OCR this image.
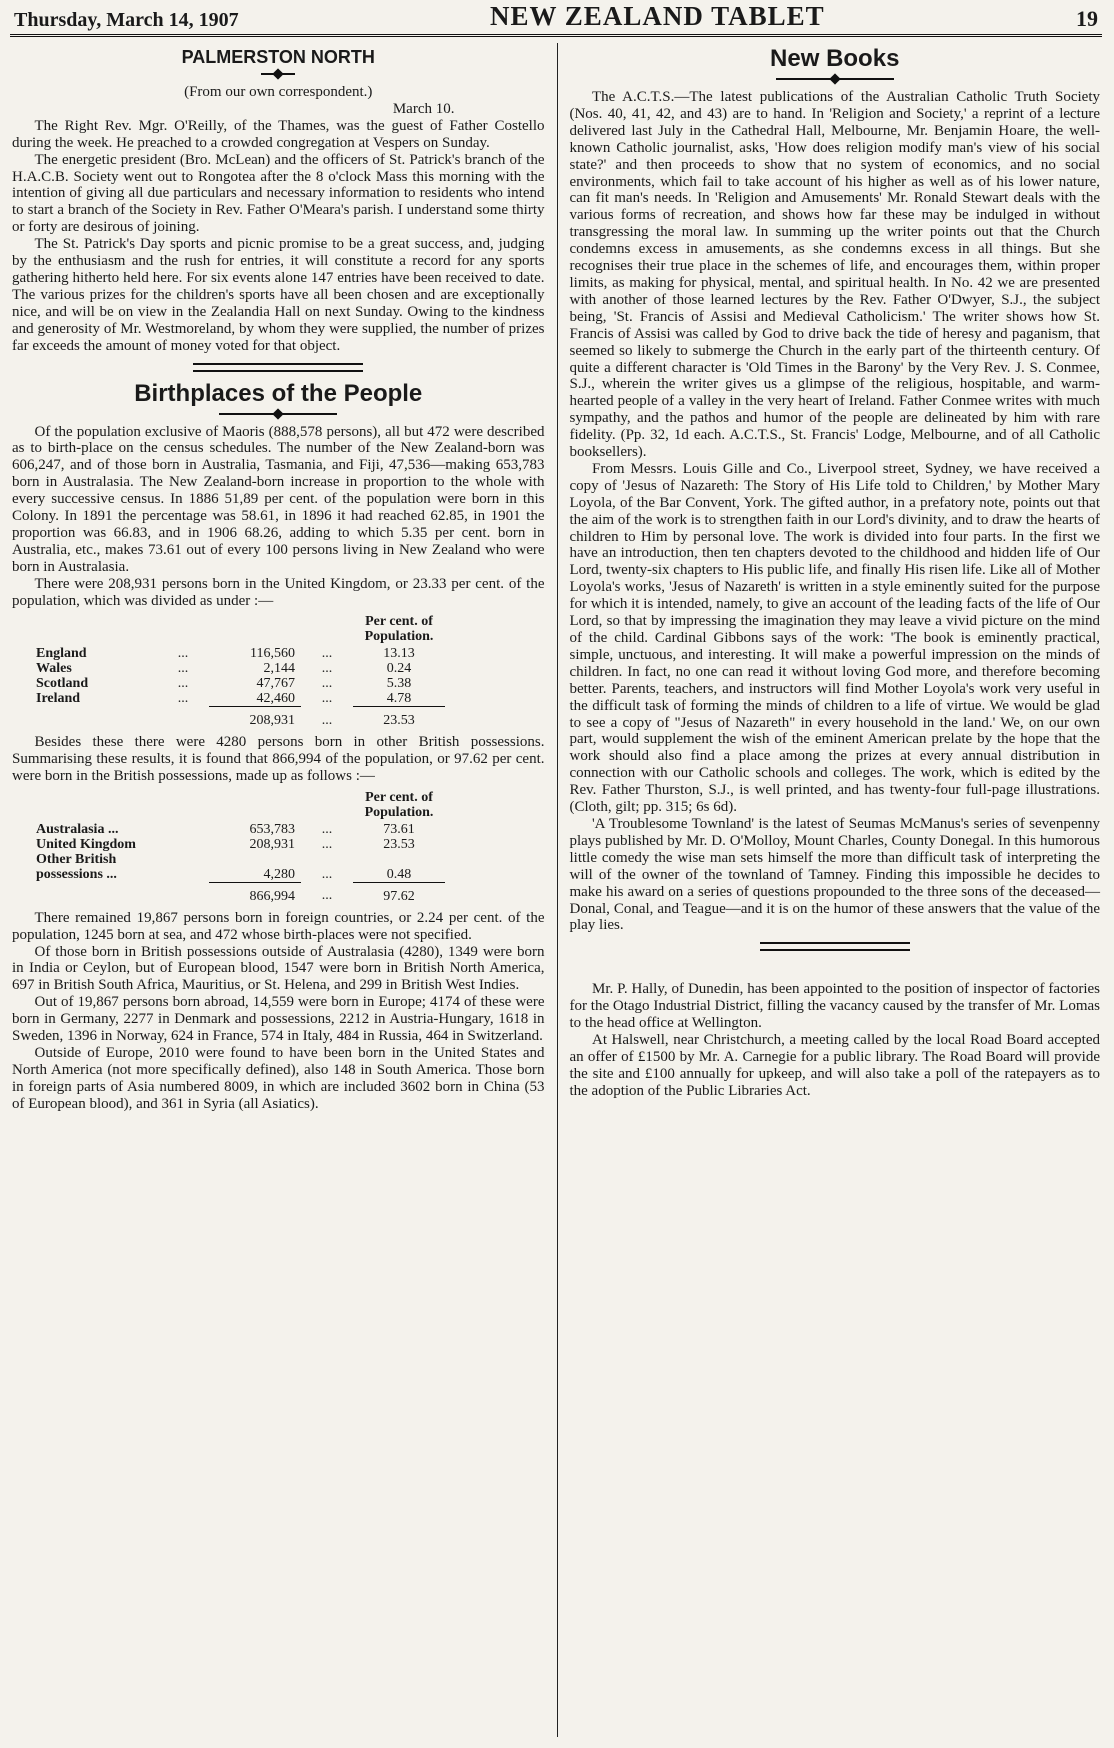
Thursday, March 14, 1907	NEW ZEALAND TABLET	19
PALMERSTON NORTH

(From our own correspondent.)

March 10.

The Right Rev. Mgr. O'Reilly, of the Thames, was the guest of Father Costello during the week. He preached to a crowded congregation at Vespers on Sunday.

The energetic president (Bro. McLean) and the officers of St. Patrick's branch of the H.A.C.B. Society went out to Rongotea after the 8 o'clock Mass this morning with the intention of giving all due particulars and necessary information to residents who intend to start a branch of the Society in Rev. Father O'Meara's parish. I understand some thirty or forty are desirous of joining.

The St. Patrick's Day sports and picnic promise to be a great success, and, judging by the enthusiasm and the rush for entries, it will constitute a record for any sports gathering hitherto held here. For six events alone 147 entries have been received to date. The various prizes for the children's sports have all been chosen and are exceptionally nice, and will be on view in the Zealandia Hall on next Sunday. Owing to the kindness and generosity of Mr. Westmoreland, by whom they were supplied, the number of prizes far exceeds the amount of money voted for that object.

Birthplaces of the People

Of the population exclusive of Maoris (888,578 persons), all but 472 were described as to birth-place on the census schedules. The number of the New Zealand-born was 606,247, and of those born in Australia, Tasmania, and Fiji, 47,536—making 653,783 born in Australasia. The New Zealand-born increase in proportion to the whole with every successive census. In 1886 51,89 per cent. of the population were born in this Colony. In 1891 the percentage was 58.61, in 1896 it had reached 62.85, in 1901 the proportion was 66.83, and in 1906 68.26, adding to which 5.35 per cent. born in Australia, etc., makes 73.61 out of every 100 persons living in New Zealand who were born in Australasia.

There were 208,931 persons born in the United Kingdom, or 23.33 per cent. of the population, which was divided as under :—

				Per cent. of Population.
England	...	116,560	...	13.13
Wales	...	2,144	...	0.24
Scotland	...	47,767	...	5.38
Ireland	...	42,460	...	4.78
		208,931	...	23.53

Besides these there were 4280 persons born in other British possessions. Summarising these results, it is found that 866,994 of the population, or 97.62 per cent. were born in the British possessions, made up as follows :—

				Per cent. of Population.
Australasia ...		653,783	...	73.61
United Kingdom		208,931	...	23.53
Other British possessions ...		4,280	...	0.48
		866,994	...	97.62

There remained 19,867 persons born in foreign countries, or 2.24 per cent. of the population, 1245 born at sea, and 472 whose birth-places were not specified.

Of those born in British possessions outside of Australasia (4280), 1349 were born in India or Ceylon, but of European blood, 1547 were born in British North America, 697 in British South Africa, Mauritius, or St. Helena, and 299 in British West Indies.

Out of 19,867 persons born abroad, 14,559 were born in Europe; 4174 of these were born in Germany, 2277 in Denmark and possessions, 2212 in Austria-Hungary, 1618 in Sweden, 1396 in Norway, 624 in France, 574 in Italy, 484 in Russia, 464 in Switzerland.

Outside of Europe, 2010 were found to have been born in the United States and North America (not more specifically defined), also 148 in South America. Those born in foreign parts of Asia numbered 8009, in which are included 3602 born in China (53 of European blood), and 361 in Syria (all Asiatics).

New Books

The A.C.T.S.—The latest publications of the Australian Catholic Truth Society (Nos. 40, 41, 42, and 43) are to hand. In 'Religion and Society,' a reprint of a lecture delivered last July in the Cathedral Hall, Melbourne, Mr. Benjamin Hoare, the well-known Catholic journalist, asks, 'How does religion modify man's view of his social state?' and then proceeds to show that no system of economics, and no social environments, which fail to take account of his higher as well as of his lower nature, can fit man's needs. In 'Religion and Amusements' Mr. Ronald Stewart deals with the various forms of recreation, and shows how far these may be indulged in without transgressing the moral law. In summing up the writer points out that the Church condemns excess in amusements, as she condemns excess in all things. But she recognises their true place in the schemes of life, and encourages them, within proper limits, as making for physical, mental, and spiritual health. In No. 42 we are presented with another of those learned lectures by the Rev. Father O'Dwyer, S.J., the subject being, 'St. Francis of Assisi and Medieval Catholicism.' The writer shows how St. Francis of Assisi was called by God to drive back the tide of heresy and paganism, that seemed so likely to submerge the Church in the early part of the thirteenth century. Of quite a different character is 'Old Times in the Barony' by the Very Rev. J. S. Conmee, S.J., wherein the writer gives us a glimpse of the religious, hospitable, and warm-hearted people of a valley in the very heart of Ireland. Father Conmee writes with much sympathy, and the pathos and humor of the people are delineated by him with rare fidelity. (Pp. 32, 1d each. A.C.T.S., St. Francis' Lodge, Melbourne, and of all Catholic booksellers).

From Messrs. Louis Gille and Co., Liverpool street, Sydney, we have received a copy of 'Jesus of Nazareth: The Story of His Life told to Children,' by Mother Mary Loyola, of the Bar Convent, York. The gifted author, in a prefatory note, points out that the aim of the work is to strengthen faith in our Lord's divinity, and to draw the hearts of children to Him by personal love. The work is divided into four parts. In the first we have an introduction, then ten chapters devoted to the childhood and hidden life of Our Lord, twenty-six chapters to His public life, and finally His risen life. Like all of Mother Loyola's works, 'Jesus of Nazareth' is written in a style eminently suited for the purpose for which it is intended, namely, to give an account of the leading facts of the life of Our Lord, so that by impressing the imagination they may leave a vivid picture on the mind of the child. Cardinal Gibbons says of the work: 'The book is eminently practical, simple, unctuous, and interesting. It will make a powerful impression on the minds of children. In fact, no one can read it without loving God more, and therefore becoming better. Parents, teachers, and instructors will find Mother Loyola's work very useful in the difficult task of forming the minds of children to a life of virtue. We would be glad to see a copy of "Jesus of Nazareth" in every household in the land.' We, on our own part, would supplement the wish of the eminent American prelate by the hope that the work should also find a place among the prizes at every annual distribution in connection with our Catholic schools and colleges. The work, which is edited by the Rev. Father Thurston, S.J., is well printed, and has twenty-four full-page illustrations. (Cloth, gilt; pp. 315; 6s 6d).

'A Troublesome Townland' is the latest of Seumas McManus's series of sevenpenny plays published by Mr. D. O'Molloy, Mount Charles, County Donegal. In this humorous little comedy the wise man sets himself the more than difficult task of interpreting the will of the owner of the townland of Tamney. Finding this impossible he decides to make his award on a series of questions propounded to the three sons of the deceased—Donal, Conal, and Teague—and it is on the humor of these answers that the value of the play lies.

Mr. P. Hally, of Dunedin, has been appointed to the position of inspector of factories for the Otago Industrial District, filling the vacancy caused by the transfer of Mr. Lomas to the head office at Wellington.

At Halswell, near Christchurch, a meeting called by the local Road Board accepted an offer of £1500 by Mr. A. Carnegie for a public library. The Road Board will provide the site and £100 annually for upkeep, and will also take a poll of the ratepayers as to the adoption of the Public Libraries Act.
